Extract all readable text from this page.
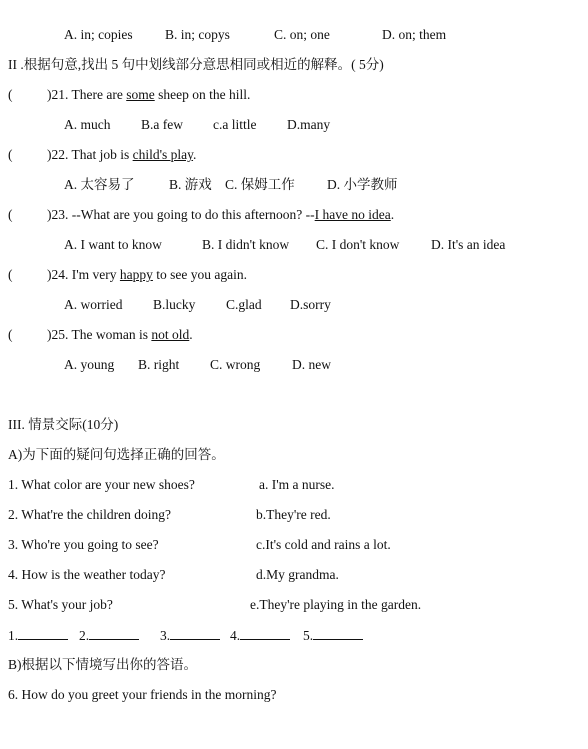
A. in; copies B. in; copys	C. on; one	D. on; them
II .根据句意,找出 5 句中划线部分意思相同或相近的解释。( 5分)
(	)21. There are some sheep on the hill.
A. much B.a few c.a little D.many
(	)22. That job is child's play.
A. 太容易了	B. 游戏 C. 保姆工作 D. 小学教师
(	)23. --What are you going to do this afternoon? --I have no idea.
A. I want to know	B. I didn't know C. I don't know D. It's an idea
(	)24. I'm very happy to see you again.
A. worried B.lucky C.glad D.sorry
(	)25. The woman is not old.
A. young B. right C. wrong D. new
III. 情景交际(10分)
A)为下面的疑问句选择正确的回答。
1. What color are your new shoes?	a. I'm a nurse.
2. What're the children doing?	b.They're red.
3. Who're you going to see?	c.It's cold and rains a lot.
4. How is the weather today?	d.My grandma.
5. What's your job?	e.They're playing in the garden.
1.	2.	3.	4.	5.
B)根据以下情境写出你的答语。
6. How do you greet your friends in the morning?
